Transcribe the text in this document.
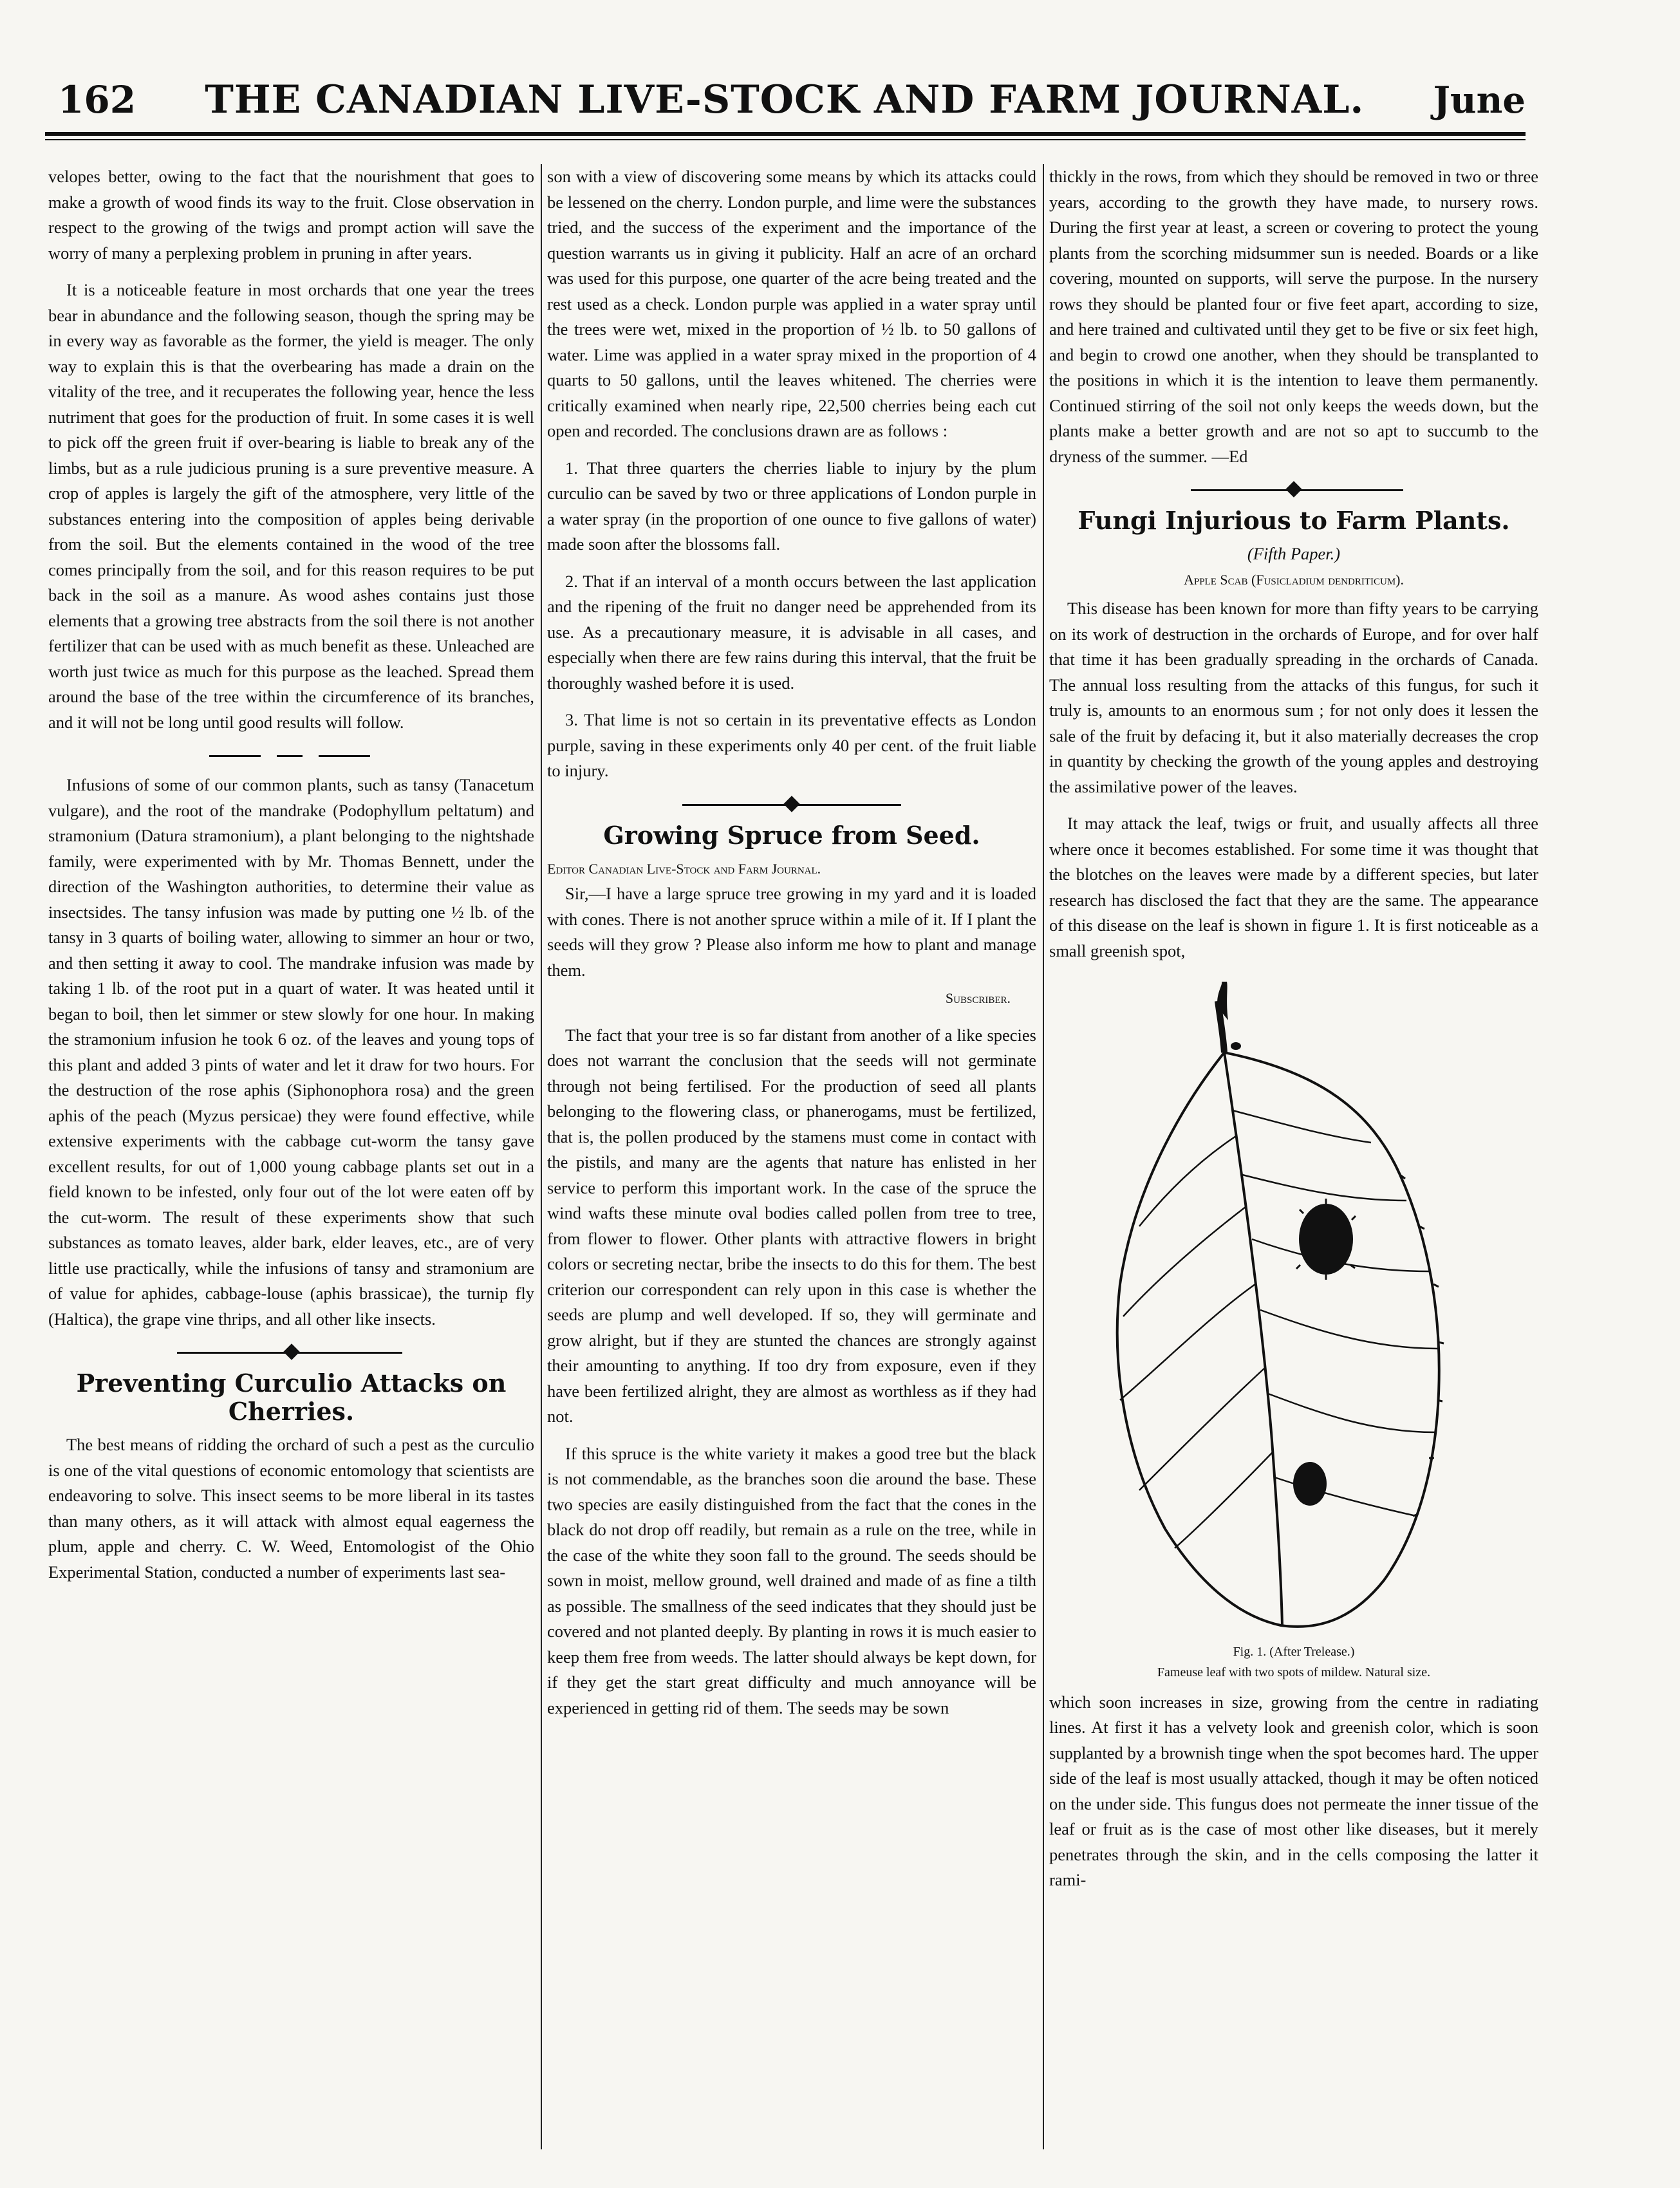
162 THE CANADIAN LIVE-STOCK AND FARM JOURNAL. June

velopes better, owing to the fact that the nourishment that goes to make a growth of wood finds its way to the fruit. Close observation in respect to the growing of the twigs and prompt action will save the worry of many a perplexing problem in pruning in after years.

It is a noticeable feature in most orchards that one year the trees bear in abundance and the following season, though the spring may be in every way as favorable as the former, the yield is meager. The only way to explain this is that the overbearing has made a drain on the vitality of the tree, and it recuperates the following year, hence the less nutriment that goes for the production of fruit. In some cases it is well to pick off the green fruit if over-bearing is liable to break any of the limbs, but as a rule judicious pruning is a sure preventive measure. A crop of apples is largely the gift of the atmosphere, very little of the substances entering into the composition of apples being derivable from the soil. But the elements contained in the wood of the tree comes principally from the soil, and for this reason requires to be put back in the soil as a manure. As wood ashes contains just those elements that a growing tree abstracts from the soil there is not another fertilizer that can be used with as much benefit as these. Unleached are worth just twice as much for this purpose as the leached. Spread them around the base of the tree within the circumference of its branches, and it will not be long until good results will follow.

Infusions of some of our common plants, such as tansy (Tanacetum vulgare), and the root of the mandrake (Podophyllum peltatum) and stramonium (Datura stramonium), a plant belonging to the nightshade family, were experimented with by Mr. Thomas Bennett, under the direction of the Washington authorities, to determine their value as insectsides. The tansy infusion was made by putting one ½ lb. of the tansy in 3 quarts of boiling water, allowing to simmer an hour or two, and then setting it away to cool. The mandrake infusion was made by taking 1 lb. of the root put in a quart of water. It was heated until it began to boil, then let simmer or stew slowly for one hour. In making the stramonium infusion he took 6 oz. of the leaves and young tops of this plant and added 3 pints of water and let it draw for two hours. For the destruction of the rose aphis (Siphonophora rosa) and the green aphis of the peach (Myzus persicae) they were found effective, while extensive experiments with the cabbage cut-worm the tansy gave excellent results, for out of 1,000 young cabbage plants set out in a field known to be infested, only four out of the lot were eaten off by the cut-worm. The result of these experiments show that such substances as tomato leaves, alder bark, elder leaves, etc., are of very little use practically, while the infusions of tansy and stramonium are of value for aphides, cabbage-louse (aphis brassicae), the turnip fly (Haltica), the grape vine thrips, and all other like insects.

Preventing Curculio Attacks on Cherries.

The best means of ridding the orchard of such a pest as the curculio is one of the vital questions of economic entomology that scientists are endeavoring to solve. This insect seems to be more liberal in its tastes than many others, as it will attack with almost equal eagerness the plum, apple and cherry. C. W. Weed, Entomologist of the Ohio Experimental Station, conducted a number of experiments last sea-

son with a view of discovering some means by which its attacks could be lessened on the cherry. London purple, and lime were the substances tried, and the success of the experiment and the importance of the question warrants us in giving it publicity. Half an acre of an orchard was used for this purpose, one quarter of the acre being treated and the rest used as a check. London purple was applied in a water spray until the trees were wet, mixed in the proportion of ½ lb. to 50 gallons of water. Lime was applied in a water spray mixed in the proportion of 4 quarts to 50 gallons, until the leaves whitened. The cherries were critically examined when nearly ripe, 22,500 cherries being each cut open and recorded. The conclusions drawn are as follows :

1. That three quarters the cherries liable to injury by the plum curculio can be saved by two or three applications of London purple in a water spray (in the proportion of one ounce to five gallons of water) made soon after the blossoms fall.

2. That if an interval of a month occurs between the last application and the ripening of the fruit no danger need be apprehended from its use. As a precautionary measure, it is advisable in all cases, and especially when there are few rains during this interval, that the fruit be thoroughly washed before it is used.

3. That lime is not so certain in its preventative effects as London purple, saving in these experiments only 40 per cent. of the fruit liable to injury.

Growing Spruce from Seed.

Editor Canadian Live-Stock and Farm Journal.

Sir,—I have a large spruce tree growing in my yard and it is loaded with cones. There is not another spruce within a mile of it. If I plant the seeds will they grow ? Please also inform me how to plant and manage them.

Subscriber.

The fact that your tree is so far distant from another of a like species does not warrant the conclusion that the seeds will not germinate through not being fertilised. For the production of seed all plants belonging to the flowering class, or phanerogams, must be fertilized, that is, the pollen produced by the stamens must come in contact with the pistils, and many are the agents that nature has enlisted in her service to perform this important work. In the case of the spruce the wind wafts these minute oval bodies called pollen from tree to tree, from flower to flower. Other plants with attractive flowers in bright colors or secreting nectar, bribe the insects to do this for them. The best criterion our correspondent can rely upon in this case is whether the seeds are plump and well developed. If so, they will germinate and grow alright, but if they are stunted the chances are strongly against their amounting to anything. If too dry from exposure, even if they have been fertilized alright, they are almost as worthless as if they had not.

If this spruce is the white variety it makes a good tree but the black is not commendable, as the branches soon die around the base. These two species are easily distinguished from the fact that the cones in the black do not drop off readily, but remain as a rule on the tree, while in the case of the white they soon fall to the ground. The seeds should be sown in moist, mellow ground, well drained and made of as fine a tilth as possible. The smallness of the seed indicates that they should just be covered and not planted deeply. By planting in rows it is much easier to keep them free from weeds. The latter should always be kept down, for if they get the start great difficulty and much annoyance will be experienced in getting rid of them. The seeds may be sown

thickly in the rows, from which they should be removed in two or three years, according to the growth they have made, to nursery rows. During the first year at least, a screen or covering to protect the young plants from the scorching midsummer sun is needed. Boards or a like covering, mounted on supports, will serve the purpose. In the nursery rows they should be planted four or five feet apart, according to size, and here trained and cultivated until they get to be five or six feet high, and begin to crowd one another, when they should be transplanted to the positions in which it is the intention to leave them permanently. Continued stirring of the soil not only keeps the weeds down, but the plants make a better growth and are not so apt to succumb to the dryness of the summer. —Ed

Fungi Injurious to Farm Plants.

(Fifth Paper.)

Apple Scab (Fusicladium dendriticum).

This disease has been known for more than fifty years to be carrying on its work of destruction in the orchards of Europe, and for over half that time it has been gradually spreading in the orchards of Canada. The annual loss resulting from the attacks of this fungus, for such it truly is, amounts to an enormous sum ; for not only does it lessen the sale of the fruit by defacing it, but it also materially decreases the crop in quantity by checking the growth of the young apples and destroying the assimilative power of the leaves.

It may attack the leaf, twigs or fruit, and usually affects all three where once it becomes established. For some time it was thought that the blotches on the leaves were made by a different species, but later research has disclosed the fact that they are the same. The appearance of this disease on the leaf is shown in figure 1. It is first noticeable as a small greenish spot,

Fig. 1. (After Trelease.)

Fameuse leaf with two spots of mildew. Natural size.

which soon increases in size, growing from the centre in radiating lines. At first it has a velvety look and greenish color, which is soon supplanted by a brownish tinge when the spot becomes hard. The upper side of the leaf is most usually attacked, though it may be often noticed on the under side. This fungus does not permeate the inner tissue of the leaf or fruit as is the case of most other like diseases, but it merely penetrates through the skin, and in the cells composing the latter it rami-
